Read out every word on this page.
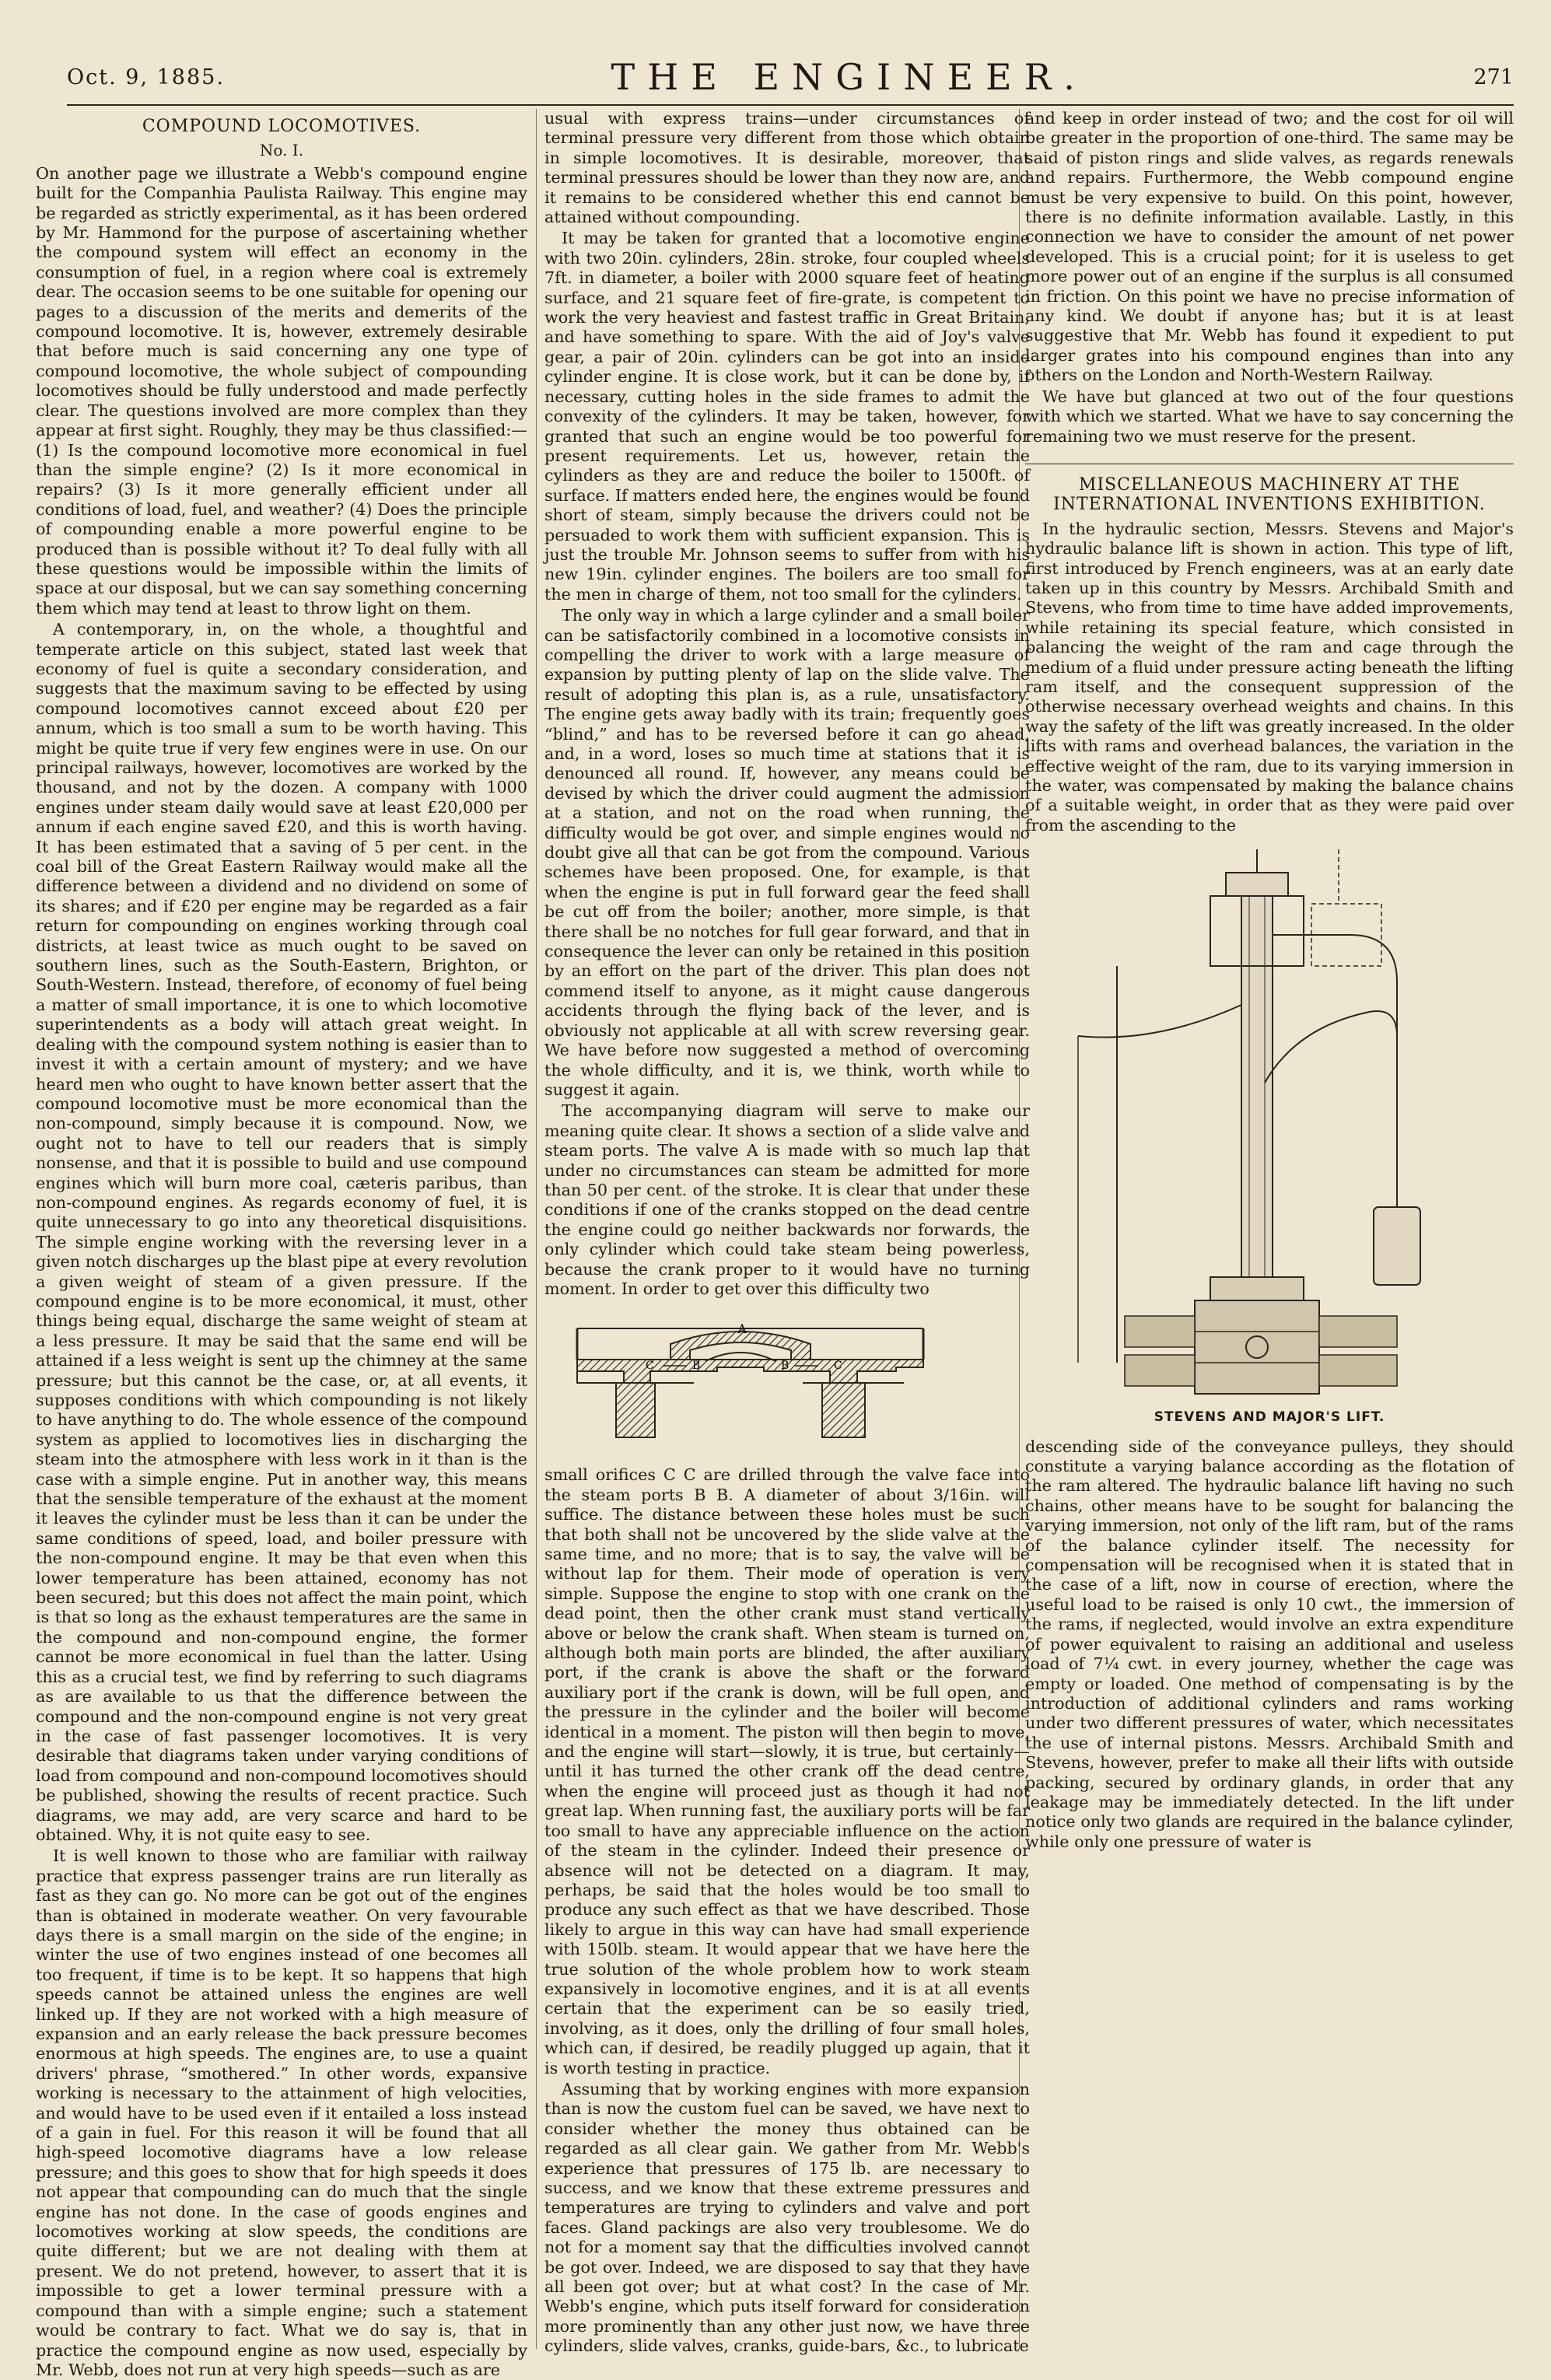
Oct. 9, 1885.	THE ENGINEER.	271
COMPOUND LOCOMOTIVES.
No. I.

On another page we illustrate a Webb's compound engine built for the Companhia Paulista Railway. This engine may be regarded as strictly experimental, as it has been ordered by Mr. Hammond for the purpose of ascertaining whether the compound system will effect an economy in the consumption of fuel, in a region where coal is extremely dear. The occasion seems to be one suitable for opening our pages to a discussion of the merits and demerits of the compound locomotive. It is, however, extremely desirable that before much is said concerning any one type of compound locomotive, the whole subject of compounding locomotives should be fully understood and made perfectly clear. The questions involved are more complex than they appear at first sight. Roughly, they may be thus classified:—(1) Is the compound locomotive more economical in fuel than the simple engine? (2) Is it more economical in repairs? (3) Is it more generally efficient under all conditions of load, fuel, and weather? (4) Does the principle of compounding enable a more powerful engine to be produced than is possible without it? To deal fully with all these questions would be impossible within the limits of space at our disposal, but we can say something concerning them which may tend at least to throw light on them.

A contemporary, in, on the whole, a thoughtful and temperate article on this subject, stated last week that economy of fuel is quite a secondary consideration, and suggests that the maximum saving to be effected by using compound locomotives cannot exceed about £20 per annum, which is too small a sum to be worth having. This might be quite true if very few engines were in use. On our principal railways, however, locomotives are worked by the thousand, and not by the dozen. A company with 1000 engines under steam daily would save at least £20,000 per annum if each engine saved £20, and this is worth having. It has been estimated that a saving of 5 per cent. in the coal bill of the Great Eastern Railway would make all the difference between a dividend and no dividend on some of its shares; and if £20 per engine may be regarded as a fair return for compounding on engines working through coal districts, at least twice as much ought to be saved on southern lines, such as the South-Eastern, Brighton, or South-Western. Instead, therefore, of economy of fuel being a matter of small importance, it is one to which locomotive superintendents as a body will attach great weight. In dealing with the compound system nothing is easier than to invest it with a certain amount of mystery; and we have heard men who ought to have known better assert that the compound locomotive must be more economical than the non-compound, simply because it is compound. Now, we ought not to have to tell our readers that is simply nonsense, and that it is possible to build and use compound engines which will burn more coal, cæteris paribus, than non-compound engines. As regards economy of fuel, it is quite unnecessary to go into any theoretical disquisitions. The simple engine working with the reversing lever in a given notch discharges up the blast pipe at every revolution a given weight of steam of a given pressure. If the compound engine is to be more economical, it must, other things being equal, discharge the same weight of steam at a less pressure. It may be said that the same end will be attained if a less weight is sent up the chimney at the same pressure; but this cannot be the case, or, at all events, it supposes conditions with which compounding is not likely to have anything to do. The whole essence of the compound system as applied to locomotives lies in discharging the steam into the atmosphere with less work in it than is the case with a simple engine. Put in another way, this means that the sensible temperature of the exhaust at the moment it leaves the cylinder must be less than it can be under the same conditions of speed, load, and boiler pressure with the non-compound engine. It may be that even when this lower temperature has been attained, economy has not been secured; but this does not affect the main point, which is that so long as the exhaust temperatures are the same in the compound and non-compound engine, the former cannot be more economical in fuel than the latter. Using this as a crucial test, we find by referring to such diagrams as are available to us that the difference between the compound and the non-compound engine is not very great in the case of fast passenger locomotives. It is very desirable that diagrams taken under varying conditions of load from compound and non-compound locomotives should be published, showing the results of recent practice. Such diagrams, we may add, are very scarce and hard to be obtained. Why, it is not quite easy to see.

It is well known to those who are familiar with railway practice that express passenger trains are run literally as fast as they can go. No more can be got out of the engines than is obtained in moderate weather. On very favourable days there is a small margin on the side of the engine; in winter the use of two engines instead of one becomes all too frequent, if time is to be kept. It so happens that high speeds cannot be attained unless the engines are well linked up. If they are not worked with a high measure of expansion and an early release the back pressure becomes enormous at high speeds. The engines are, to use a quaint drivers' phrase, “smothered.” In other words, expansive working is necessary to the attainment of high velocities, and would have to be used even if it entailed a loss instead of a gain in fuel. For this reason it will be found that all high-speed locomotive diagrams have a low release pressure; and this goes to show that for high speeds it does not appear that compounding can do much that the single engine has not done. In the case of goods engines and locomotives working at slow speeds, the conditions are quite different; but we are not dealing with them at present. We do not pretend, however, to assert that it is impossible to get a lower terminal pressure with a compound than with a simple engine; such a statement would be contrary to fact. What we do say is, that in practice the compound engine as now used, especially by Mr. Webb, does not run at very high speeds—such as are

usual with express trains—under circumstances of terminal pressure very different from those which obtain in simple locomotives. It is desirable, moreover, that terminal pressures should be lower than they now are, and it remains to be considered whether this end cannot be attained without compounding.

It may be taken for granted that a locomotive engine with two 20in. cylinders, 28in. stroke, four coupled wheels 7ft. in diameter, a boiler with 2000 square feet of heating surface, and 21 square feet of fire-grate, is competent to work the very heaviest and fastest traffic in Great Britain, and have something to spare. With the aid of Joy's valve gear, a pair of 20in. cylinders can be got into an inside cylinder engine. It is close work, but it can be done by, if necessary, cutting holes in the side frames to admit the convexity of the cylinders. It may be taken, however, for granted that such an engine would be too powerful for present requirements. Let us, however, retain the cylinders as they are and reduce the boiler to 1500ft. of surface. If matters ended here, the engines would be found short of steam, simply because the drivers could not be persuaded to work them with sufficient expansion. This is just the trouble Mr. Johnson seems to suffer from with his new 19in. cylinder engines. The boilers are too small for the men in charge of them, not too small for the cylinders.

The only way in which a large cylinder and a small boiler can be satisfactorily combined in a locomotive consists in compelling the driver to work with a large measure of expansion by putting plenty of lap on the slide valve. The result of adopting this plan is, as a rule, unsatisfactory. The engine gets away badly with its train; frequently goes “blind,” and has to be reversed before it can go ahead, and, in a word, loses so much time at stations that it is denounced all round. If, however, any means could be devised by which the driver could augment the admission at a station, and not on the road when running, the difficulty would be got over, and simple engines would no doubt give all that can be got from the compound. Various schemes have been proposed. One, for example, is that when the engine is put in full forward gear the feed shall be cut off from the boiler; another, more simple, is that there shall be no notches for full gear forward, and that in consequence the lever can only be retained in this position by an effort on the part of the driver. This plan does not commend itself to anyone, as it might cause dangerous accidents through the flying back of the lever, and is obviously not applicable at all with screw reversing gear. We have before now suggested a method of overcoming the whole difficulty, and it is, we think, worth while to suggest it again.

The accompanying diagram will serve to make our meaning quite clear. It shows a section of a slide valve and steam ports. The valve A is made with so much lap that under no circumstances can steam be admitted for more than 50 per cent. of the stroke. It is clear that under these conditions if one of the cranks stopped on the dead centre the engine could go neither backwards nor forwards, the only cylinder which could take steam being powerless, because the crank proper to it would have no turning moment. In order to get over this difficulty two

A
C	B	B	C

small orifices C C are drilled through the valve face into the steam ports B B. A diameter of about 3/16in. will suffice. The distance between these holes must be such that both shall not be uncovered by the slide valve at the same time, and no more; that is to say, the valve will be without lap for them. Their mode of operation is very simple. Suppose the engine to stop with one crank on the dead point, then the other crank must stand vertically above or below the crank shaft. When steam is turned on, although both main ports are blinded, the after auxiliary port, if the crank is above the shaft or the forward auxiliary port if the crank is down, will be full open, and the pressure in the cylinder and the boiler will become identical in a moment. The piston will then begin to move, and the engine will start—slowly, it is true, but certainly—until it has turned the other crank off the dead centre, when the engine will proceed just as though it had not great lap. When running fast, the auxiliary ports will be far too small to have any appreciable influence on the action of the steam in the cylinder. Indeed their presence or absence will not be detected on a diagram. It may, perhaps, be said that the holes would be too small to produce any such effect as that we have described. Those likely to argue in this way can have had small experience with 150lb. steam. It would appear that we have here the true solution of the whole problem how to work steam expansively in locomotive engines, and it is at all events certain that the experiment can be so easily tried, involving, as it does, only the drilling of four small holes, which can, if desired, be readily plugged up again, that it is worth testing in practice.

Assuming that by working engines with more expansion than is now the custom fuel can be saved, we have next to consider whether the money thus obtained can be regarded as all clear gain. We gather from Mr. Webb's experience that pressures of 175 lb. are necessary to success, and we know that these extreme pressures and temperatures are trying to cylinders and valve and port faces. Gland packings are also very troublesome. We do not for a moment say that the difficulties involved cannot be got over. Indeed, we are disposed to say that they have all been got over; but at what cost? In the case of Mr. Webb's engine, which puts itself forward for consideration more prominently than any other just now, we have three cylinders, slide valves, cranks, guide-bars, &c., to lubricate

and keep in order instead of two; and the cost for oil will be greater in the proportion of one-third. The same may be said of piston rings and slide valves, as regards renewals and repairs. Furthermore, the Webb compound engine must be very expensive to build. On this point, however, there is no definite information available. Lastly, in this connection we have to consider the amount of net power developed. This is a crucial point; for it is useless to get more power out of an engine if the surplus is all consumed in friction. On this point we have no precise information of any kind. We doubt if anyone has; but it is at least suggestive that Mr. Webb has found it expedient to put larger grates into his compound engines than into any others on the London and North-Western Railway.

We have but glanced at two out of the four questions with which we started. What we have to say concerning the remaining two we must reserve for the present.

MISCELLANEOUS MACHINERY AT THE INTERNATIONAL INVENTIONS EXHIBITION.

In the hydraulic section, Messrs. Stevens and Major's hydraulic balance lift is shown in action. This type of lift, first introduced by French engineers, was at an early date taken up in this country by Messrs. Archibald Smith and Stevens, who from time to time have added improvements, while retaining its special feature, which consisted in balancing the weight of the ram and cage through the medium of a fluid under pressure acting beneath the lifting ram itself, and the consequent suppression of the otherwise necessary overhead weights and chains. In this way the safety of the lift was greatly increased. In the older lifts with rams and overhead balances, the variation in the effective weight of the ram, due to its varying immersion in the water, was compensated by making the balance chains of a suitable weight, in order that as they were paid over from the ascending to the

STEVENS AND MAJOR'S LIFT.

descending side of the conveyance pulleys, they should constitute a varying balance according as the flotation of the ram altered. The hydraulic balance lift having no such chains, other means have to be sought for balancing the varying immersion, not only of the lift ram, but of the rams of the balance cylinder itself. The necessity for compensation will be recognised when it is stated that in the case of a lift, now in course of erection, where the useful load to be raised is only 10 cwt., the immersion of the rams, if neglected, would involve an extra expenditure of power equivalent to raising an additional and useless load of 7¼ cwt. in every journey, whether the cage was empty or loaded. One method of compensating is by the introduction of additional cylinders and rams working under two different pressures of water, which necessitates the use of internal pistons. Messrs. Archibald Smith and Stevens, however, prefer to make all their lifts with outside packing, secured by ordinary glands, in order that any leakage may be immediately detected. In the lift under notice only two glands are required in the balance cylinder, while only one pressure of water is
